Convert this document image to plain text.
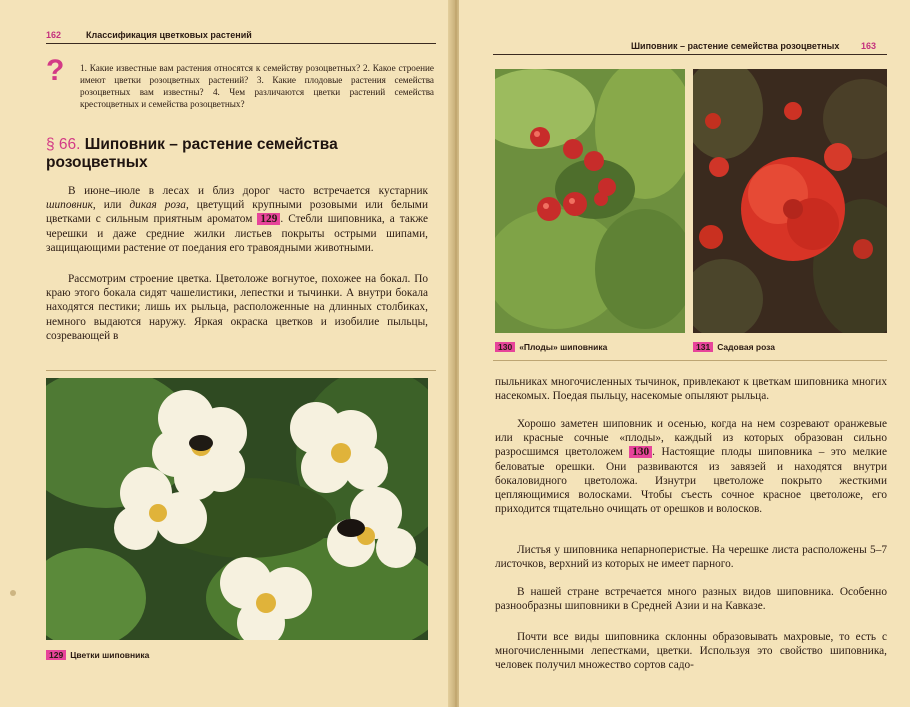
162	Классификация цветковых растений
? 1. Какие известные вам растения относятся к семейству розоцветных? 2. Какое строение имеют цветки розоцветных растений? 3. Какие плодовые растения семейства розоцветных вам известны? 4. Чем различаются цветки растений семейства крестоцветных и семейства розоцветных?
§ 66. Шиповник – растение семейства розоцветных
В июне–июле в лесах и близ дорог часто встречается кустарник шиповник, или дикая роза, цветущий крупными розовыми или белыми цветками с сильным приятным ароматом 129 . Стебли шиповника, а также черешки и даже средние жилки листьев покрыты острыми шипами, защищающими растение от поедания его травоядными животными.
Рассмотрим строение цветка. Цветоложе вогнутое, похожее на бокал. По краю этого бокала сидят чашелистики, лепестки и тычинки. А внутри бокала находятся пестики; лишь их рыльца, расположенные на длинных столбиках, немного выдаются наружу. Яркая окраска цветков и изобилие пыльцы, созревающей в
129 Цветки шиповника
Шиповник – растение семейства розоцветных 163
130 «Плоды» шиповника	131 Садовая роза
пыльниках многочисленных тычинок, привлекают к цветкам шиповника многих насекомых. Поедая пыльцу, насекомые опыляют рыльца.
Хорошо заметен шиповник и осенью, когда на нем созревают оранжевые или красные сочные «плоды», каждый из которых образован сильно разросшимся цветоложем 130 . Настоящие плоды шиповника – это мелкие беловатые орешки. Они развиваются из завязей и находятся внутри бокаловидного цветоложа. Изнутри цветоложе покрыто жесткими цепляющимися волосками. Чтобы съесть сочное красное цветоложе, его приходится тщательно очищать от орешков и волосков.
Листья у шиповника непарноперистые. На черешке листа расположены 5–7 листочков, верхний из которых не имеет парного.
В нашей стране встречается много разных видов шиповника. Особенно разнообразны шиповники в Средней Азии и на Кавказе.
Почти все виды шиповника склонны образовывать махровые, то есть с многочисленными лепестками, цветки. Используя это свойство шиповника, человек получил множество сортов садо-
